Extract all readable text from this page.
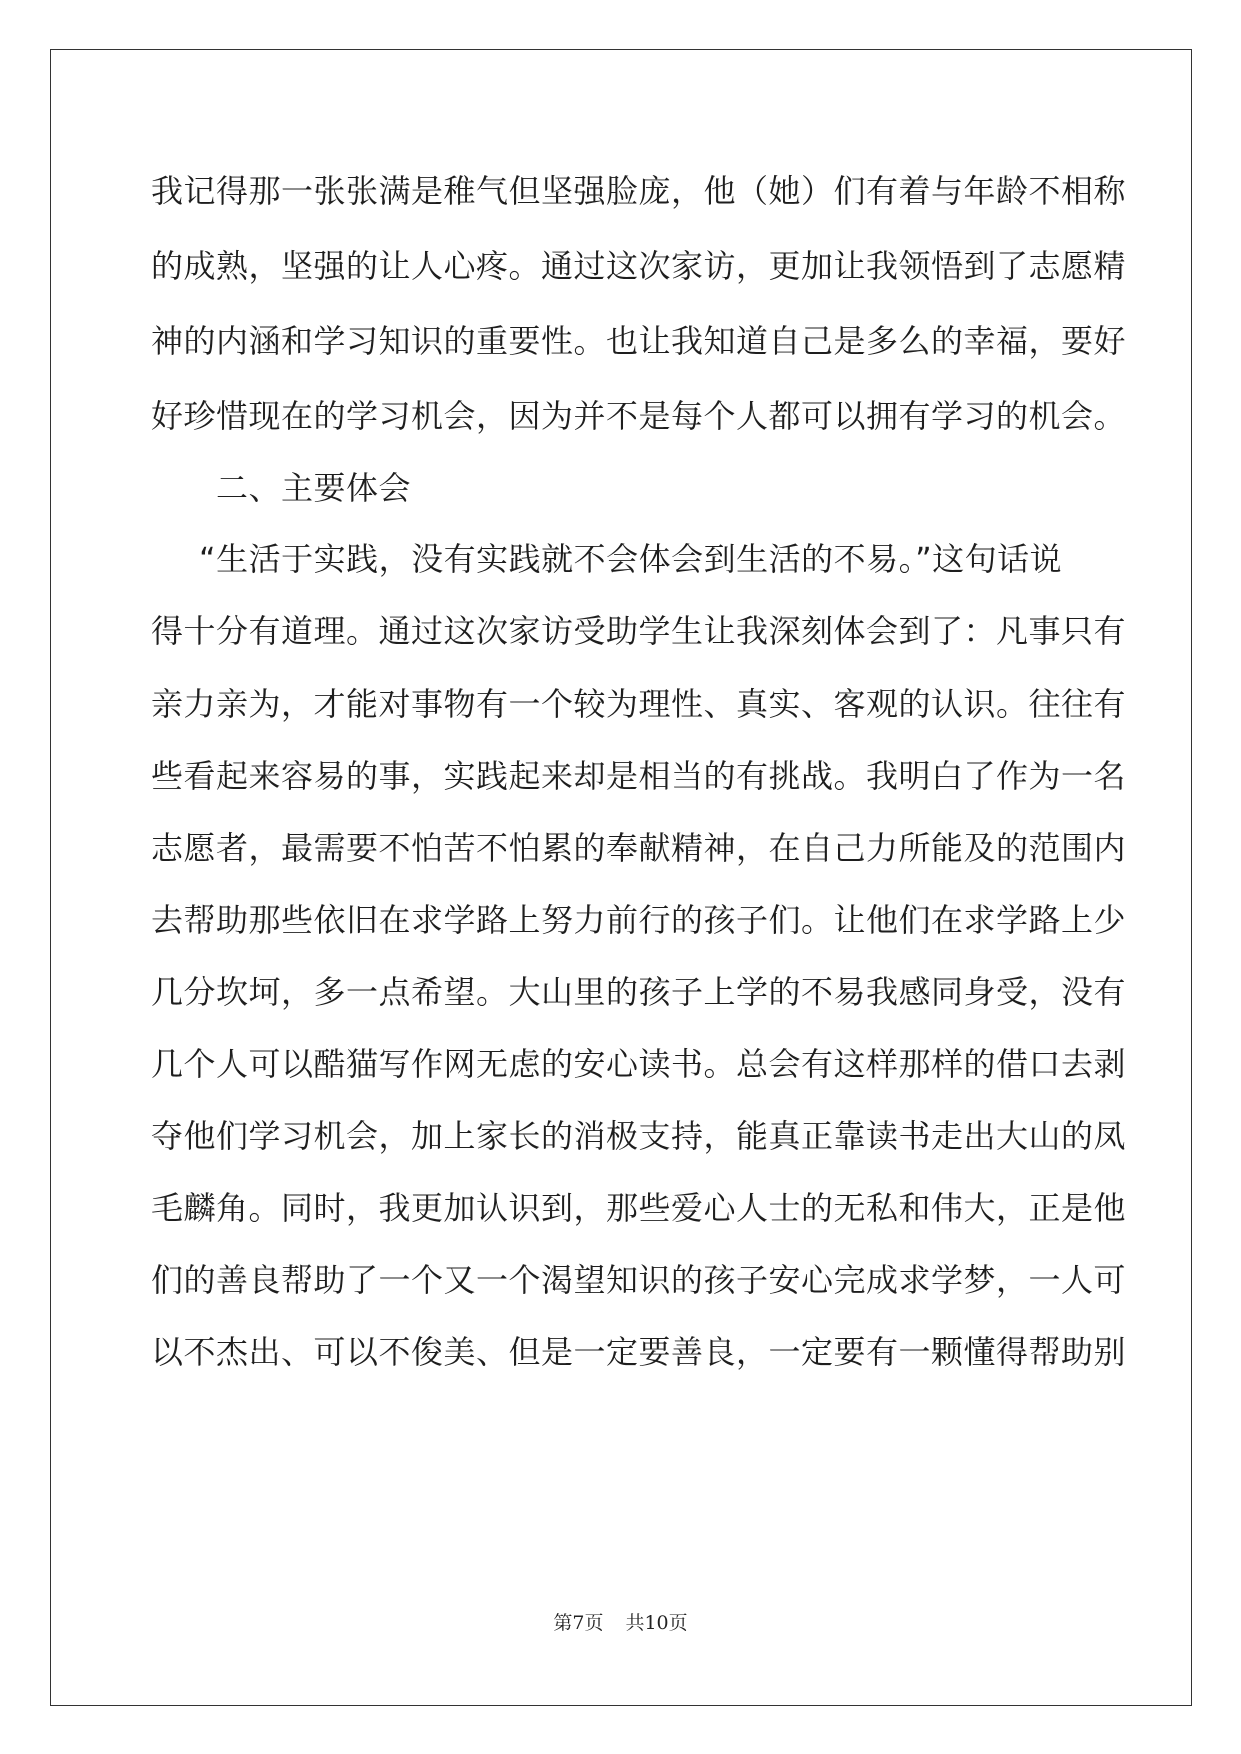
我记得那一张张满是稚气但坚强脸庞，他（她）们有着与年龄不相称
的成熟，坚强的让人心疼。通过这次家访，更加让我领悟到了志愿精
神的内涵和学习知识的重要性。也让我知道自己是多么的幸福，要好
好珍惜现在的学习机会，因为并不是每个人都可以拥有学习的机会。
二、主要体会
“生活于实践，没有实践就不会体会到生活的不易。”这句话说
得十分有道理。通过这次家访受助学生让我深刻体会到了：凡事只有
亲力亲为，才能对事物有一个较为理性、真实、客观的认识。往往有
些看起来容易的事，实践起来却是相当的有挑战。我明白了作为一名
志愿者，最需要不怕苦不怕累的奉献精神，在自己力所能及的范围内
去帮助那些依旧在求学路上努力前行的孩子们。让他们在求学路上少
几分坎坷，多一点希望。大山里的孩子上学的不易我感同身受，没有
几个人可以酷猫写作网无虑的安心读书。总会有这样那样的借口去剥
夺他们学习机会，加上家长的消极支持，能真正靠读书走出大山的凤
毛麟角。同时，我更加认识到，那些爱心人士的无私和伟大，正是他
们的善良帮助了一个又一个渴望知识的孩子安心完成求学梦，一人可
以不杰出、可以不俊美、但是一定要善良，一定要有一颗懂得帮助别
第7页 共10页
